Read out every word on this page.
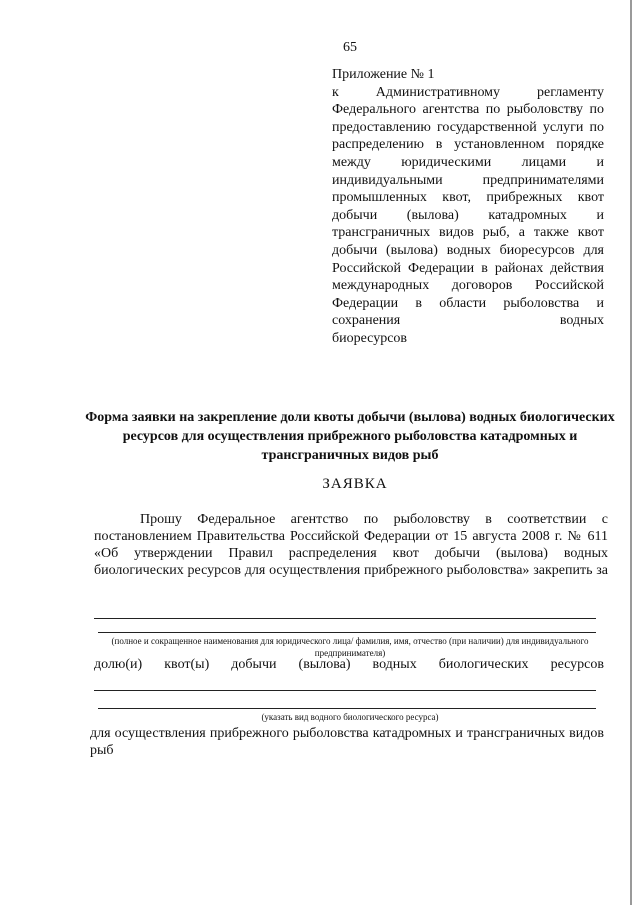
65
Приложение № 1
к Административному регламенту Федерального агентства по рыболовству по предоставлению государственной услуги по распределению в установленном порядке между юридическими лицами и индивидуальными предпринимателями промышленных квот, прибрежных квот добычи (вылова) катадромных и трансграничных видов рыб, а также квот добычи (вылова) водных биоресурсов для Российской Федерации в районах действия международных договоров Российской Федерации в области рыболовства и сохранения водных
биоресурсов
Форма заявки на закрепление доли квоты добычи (вылова) водных биологических ресурсов для осуществления прибрежного рыболовства катадромных и трансграничных видов рыб
ЗАЯВКА
Прошу Федеральное агентство по рыболовству в соответствии с постановлением Правительства Российской Федерации от 15 августа 2008 г. № 611 «Об утверждении Правил распределения квот добычи (вылова) водных биологических ресурсов для осуществления прибрежного рыболовства» закрепить за
(полное и сокращенное наименования для юридического лица/ фамилия, имя, отчество (при наличии) для индивидуального предпринимателя)
долю(и) квот(ы) добычи (вылова) водных биологических ресурсов
(указать вид водного биологического ресурса)
для осуществления прибрежного рыболовства катадромных и трансграничных видов рыб
